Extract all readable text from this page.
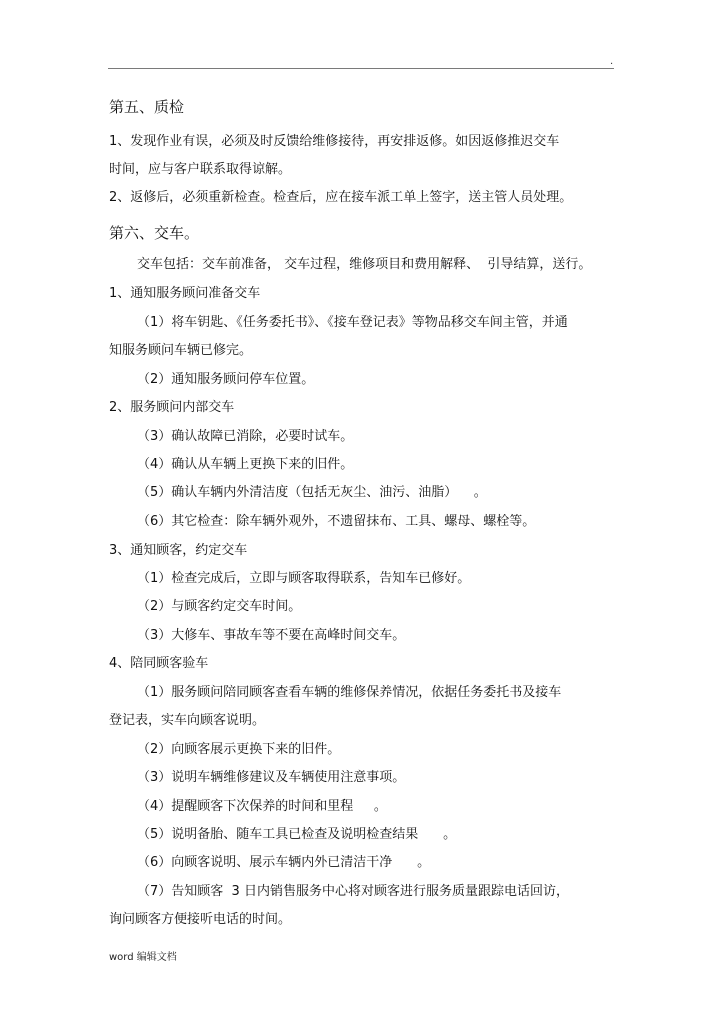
.
第五、质检
1、发现作业有误，必须及时反馈给维修接待，再安排返修。如因返修推迟交车
时间，应与客户联系取得谅解。
2、返修后，必须重新检查。检查后，应在接车派工单上签字，送主管人员处理。
第六、交车。
交车包括：交车前准备， 交车过程，维修项目和费用解释、  引导结算，送行。
1、通知服务顾问准备交车
（1）将车钥匙、《任务委托书》、《接车登记表》等物品移交车间主管，并通
知服务顾问车辆已修完。
（2）通知服务顾问停车位置。
2、服务顾问内部交车
（3）确认故障已消除，必要时试车。
（4）确认从车辆上更换下来的旧件。
（5）确认车辆内外清洁度（包括无灰尘、油污、油脂）    。
（6）其它检查：除车辆外观外，不遗留抹布、工具、螺母、螺栓等。
3、通知顾客，约定交车
（1）检查完成后，立即与顾客取得联系，告知车已修好。
（2）与顾客约定交车时间。
（3）大修车、事故车等不要在高峰时间交车。
4、陪同顾客验车
（1）服务顾问陪同顾客查看车辆的维修保养情况，依据任务委托书及接车
登记表，实车向顾客说明。
（2）向顾客展示更换下来的旧件。
（3）说明车辆维修建议及车辆使用注意事项。
（4）提醒顾客下次保养的时间和里程     。
（5）说明备胎、随车工具已检查及说明检查结果      。
（6）向顾客说明、展示车辆内外已清洁干净      。
（7）告知顾客  3 日内销售服务中心将对顾客进行服务质量跟踪电话回访，
询问顾客方便接听电话的时间。
word 编辑文档
